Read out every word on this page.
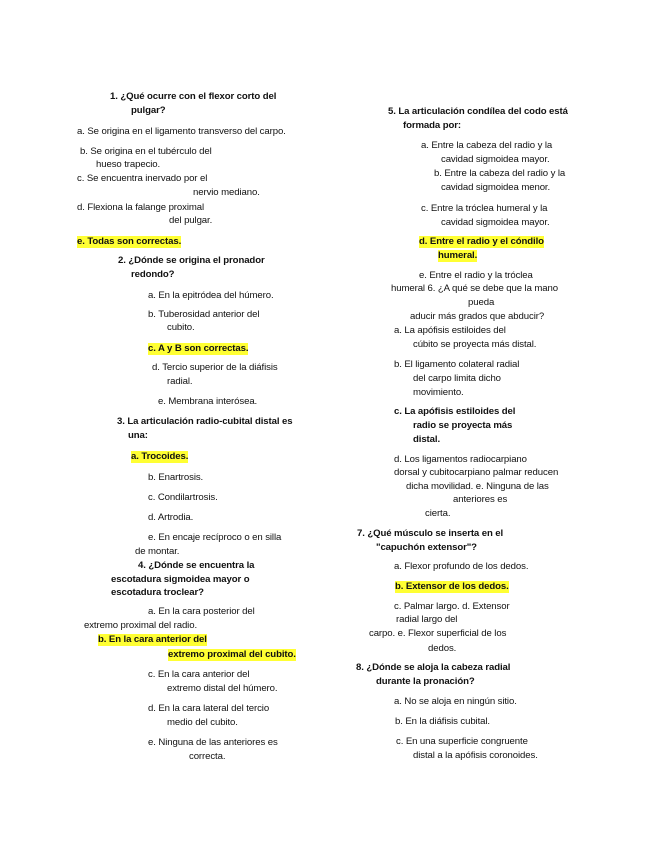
1. ¿Qué ocurre con el flexor corto del
pulgar?
a. Se origina en el ligamento transverso del carpo.
b. Se origina en el tubérculo del
hueso trapecio.
c. Se encuentra inervado por el
nervio mediano.
d. Flexiona la falange proximal
del pulgar.
e. Todas son correctas.
2. ¿Dónde se origina el pronador
redondo?
a. En la epitródea del húmero.
b. Tuberosidad anterior del
cubito.
c. A y B son correctas.
d. Tercio superior de la diáfisis
radial.
e. Membrana interósea.
3. La articulación radio-cubital distal es
una:
a. Trocoides.
b. Enartrosis.
c. Condilartrosis.
d. Artrodia.
e. En encaje recíproco o en silla
de montar.
4. ¿Dónde se encuentra la
escotadura sigmoidea mayor o
escotadura troclear?
a. En la cara posterior del
extremo proximal del radio.
b. En la cara anterior del
extremo proximal del cubito.
c. En la cara anterior del
extremo distal del húmero.
d. En la cara lateral del tercio
medio del cubito.
e. Ninguna de las anteriores es
correcta.
5. La articulación condílea del codo está
formada por:
a. Entre la cabeza del radio y la
cavidad sigmoidea mayor.
b. Entre la cabeza del radio y la
cavidad sigmoidea menor.
c. Entre la tróclea humeral y la
cavidad sigmoidea mayor.
d. Entre el radio y el cóndilo
humeral.
e. Entre el radio y la tróclea
humeral 6. ¿A qué se debe que la mano
pueda
aducir más grados que abducir?
a. La apófisis estiloides del
cúbito se proyecta más distal.
b. El ligamento colateral radial
del carpo limita dicho
movimiento.
c. La apófisis estiloides del
radio se proyecta más
distal.
d. Los ligamentos radiocarpiano
dorsal y cubitocarpiano palmar reducen
dicha movilidad. e. Ninguna de las
anteriores es
cierta.
7. ¿Qué músculo se inserta en el
"capuchón extensor"?
a. Flexor profundo de los dedos.
b. Extensor de los dedos.
c. Palmar largo. d. Extensor
radial largo del
carpo. e. Flexor superficial de los
dedos.
8. ¿Dónde se aloja la cabeza radial
durante la pronación?
a. No se aloja en ningún sitio.
b. En la diáfisis cubital.
c. En una superficie congruente
distal a la apófisis coronoides.
